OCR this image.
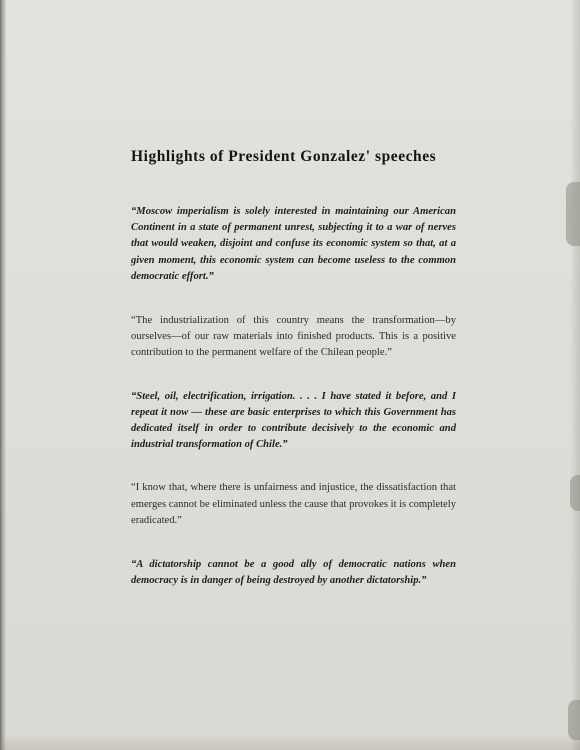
Highlights of President Gonzalez' speeches

“Moscow imperialism is solely interested in maintaining our American Continent in a state of permanent unrest, subjecting it to a war of nerves that would weaken, disjoint and confuse its economic system so that, at a given moment, this economic system can become useless to the common democratic effort.”

“The industrialization of this country means the transformation—by ourselves—of our raw materials into finished products. This is a positive contribution to the permanent welfare of the Chilean people.”

“Steel, oil, electrification, irrigation. . . . I have stated it before, and I repeat it now — these are basic enterprises to which this Government has dedicated itself in order to contribute decisively to the economic and industrial transformation of Chile.”

“I know that, where there is unfairness and injustice, the dissatisfaction that emerges cannot be eliminated unless the cause that provokes it is completely eradicated.”

“A dictatorship cannot be a good ally of democratic nations when democracy is in danger of being destroyed by another dictatorship.”
